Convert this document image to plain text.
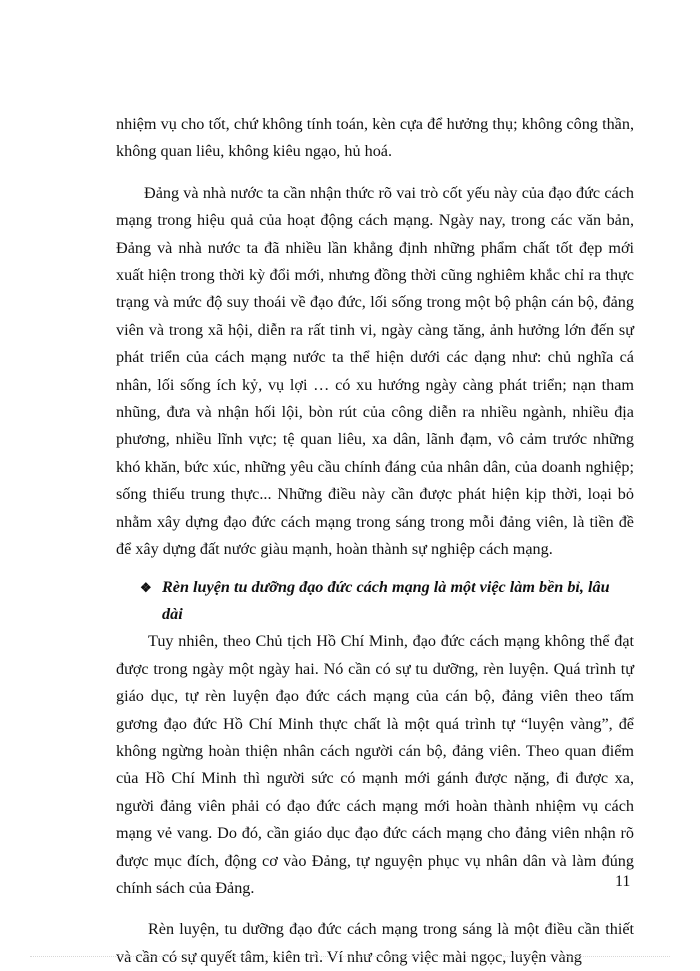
nhiệm vụ cho tốt, chứ không tính toán, kèn cựa để hưởng thụ; không công thần, không quan liêu, không kiêu ngạo, hủ hoá.

Đảng và nhà nước ta cần nhận thức rõ vai trò cốt yếu này của đạo đức cách mạng trong hiệu quả của hoạt động cách mạng. Ngày nay, trong các văn bản, Đảng và nhà nước ta đã nhiều lần khẳng định những phẩm chất tốt đẹp mới xuất hiện trong thời kỳ đổi mới, nhưng đồng thời cũng nghiêm khắc chỉ ra thực trạng và mức độ suy thoái về đạo đức, lối sống trong một bộ phận cán bộ, đảng viên và trong xã hội, diễn ra rất tinh vi, ngày càng tăng, ảnh hưởng lớn đến sự phát triển của cách mạng nước ta thể hiện dưới các dạng như: chủ nghĩa cá nhân, lối sống ích kỷ, vụ lợi … có xu hướng ngày càng phát triển; nạn tham nhũng, đưa và nhận hối lội, bòn rút của công diễn ra nhiều ngành, nhiều địa phương, nhiều lĩnh vực; tệ quan liêu, xa dân, lãnh đạm, vô cảm trước những khó khăn, bức xúc, những yêu cầu chính đáng của nhân dân, của doanh nghiệp; sống thiếu trung thực... Những điều này cần được phát hiện kịp thời, loại bỏ nhằm xây dựng đạo đức cách mạng trong sáng trong mỗi đảng viên, là tiền đề để xây dựng đất nước giàu mạnh, hoàn thành sự nghiệp cách mạng.

❖ Rèn luyện tu dưỡng đạo đức cách mạng là một việc làm bền bỉ, lâu dài

Tuy nhiên, theo Chủ tịch Hồ Chí Minh, đạo đức cách mạng không thể đạt được trong ngày một ngày hai. Nó cần có sự tu dưỡng, rèn luyện. Quá trình tự giáo dục, tự rèn luyện đạo đức cách mạng của cán bộ, đảng viên theo tấm gương đạo đức Hồ Chí Minh thực chất là một quá trình tự “luyện vàng”, để không ngừng hoàn thiện nhân cách người cán bộ, đảng viên. Theo quan điểm của Hồ Chí Minh thì người sức có mạnh mới gánh được nặng, đi được xa, người đảng viên phải có đạo đức cách mạng mới hoàn thành nhiệm vụ cách mạng vẻ vang. Do đó, cần giáo dục đạo đức cách mạng cho đảng viên nhận rõ được mục đích, động cơ vào Đảng, tự nguyện phục vụ nhân dân và làm đúng chính sách của Đảng.

Rèn luyện, tu dưỡng đạo đức cách mạng trong sáng là một điều cần thiết và cần có sự quyết tâm, kiên trì. Ví như công việc mài ngọc, luyện vàng

11
